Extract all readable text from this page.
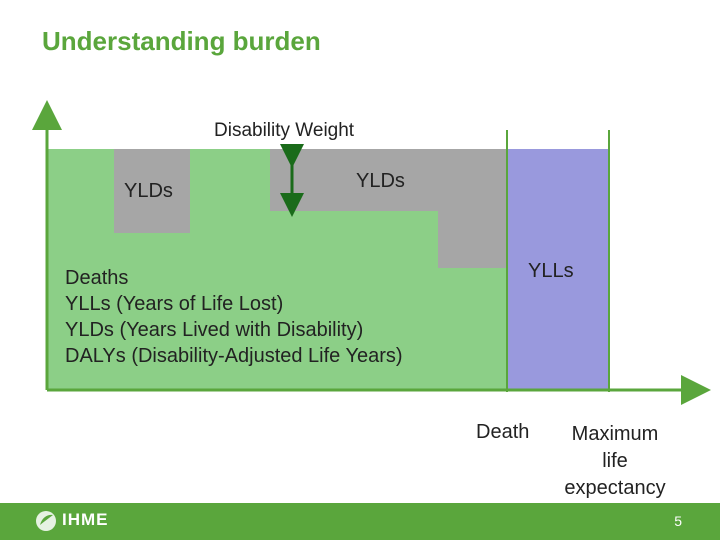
Understanding burden
Disability Weight
YLDs	YLDs
YLLs
Deaths
YLLs (Years of Life Lost)
YLDs (Years Lived with Disability)
DALYs (Disability-Adjusted Life Years)
Death	Maximum
life
expectancy
IHME	5
